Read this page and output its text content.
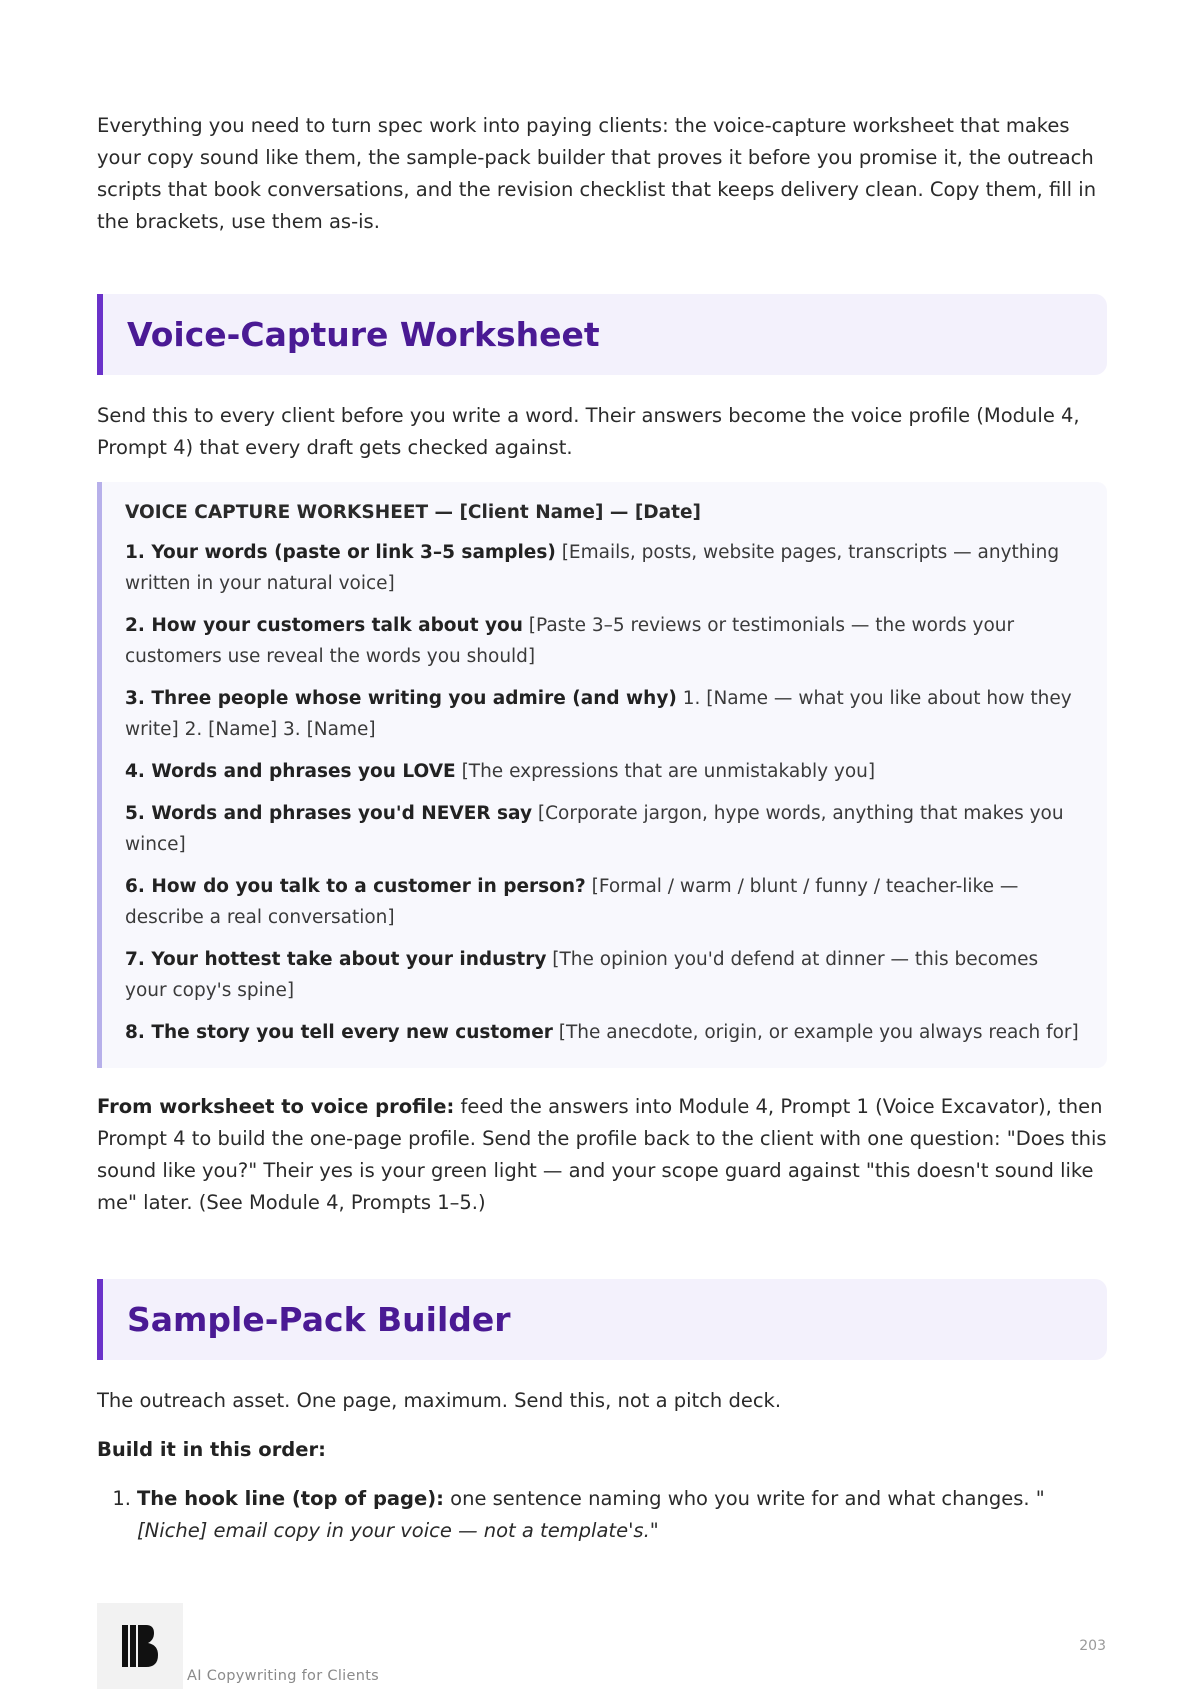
Everything you need to turn spec work into paying clients: the voice-capture worksheet that makes your copy sound like them, the sample-pack builder that proves it before you promise it, the outreach scripts that book conversations, and the revision checklist that keeps delivery clean. Copy them, fill in the brackets, use them as-is.

Voice-Capture Worksheet

Send this to every client before you write a word. Their answers become the voice profile (Module 4, Prompt 4) that every draft gets checked against.

VOICE CAPTURE WORKSHEET — [Client Name] — [Date]
1. Your words (paste or link 3–5 samples) [Emails, posts, website pages, transcripts — anything written in your natural voice]
2. How your customers talk about you [Paste 3–5 reviews or testimonials — the words your customers use reveal the words you should]
3. Three people whose writing you admire (and why) 1. [Name — what you like about how they write] 2. [Name] 3. [Name]
4. Words and phrases you LOVE [The expressions that are unmistakably you]
5. Words and phrases you'd NEVER say [Corporate jargon, hype words, anything that makes you wince]
6. How do you talk to a customer in person? [Formal / warm / blunt / funny / teacher-like — describe a real conversation]
7. Your hottest take about your industry [The opinion you'd defend at dinner — this becomes your copy's spine]
8. The story you tell every new customer [The anecdote, origin, or example you always reach for]

From worksheet to voice profile: feed the answers into Module 4, Prompt 1 (Voice Excavator), then Prompt 4 to build the one-page profile. Send the profile back to the client with one question: "Does this sound like you?" Their yes is your green light — and your scope guard against "this doesn't sound like me" later. (See Module 4, Prompts 1–5.)

Sample-Pack Builder

The outreach asset. One page, maximum. Send this, not a pitch deck.

Build it in this order:

1. The hook line (top of page): one sentence naming who you write for and what changes. "[Niche] email copy in your voice — not a template's."
AI Copywriting for Clients
203
